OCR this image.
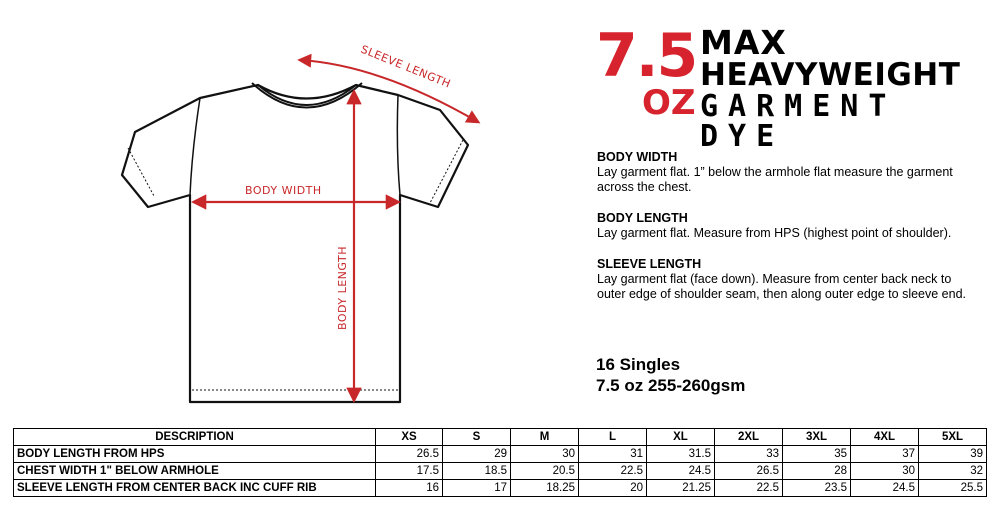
SLEEVE LENGTH
BODY WIDTH
BODY LENGTH
7.5
OZ
MAX
HEAVYWEIGHT
GARMENT DYE
BODY WIDTH
Lay garment flat. 1” below the armhole flat measure the garment across the chest.
BODY LENGTH
Lay garment flat. Measure from HPS (highest point of shoulder).
SLEEVE LENGTH
Lay garment flat (face down). Measure from center back neck to outer edge of shoulder seam, then along outer edge to sleeve end.
16 Singles
7.5 oz 255-260gsm
DESCRIPTION	XS	S	M	L	XL	2XL	3XL	4XL	5XL
BODY LENGTH FROM HPS	26.5	29	30	31	31.5	33	35	37	39
CHEST WIDTH 1" BELOW ARMHOLE	17.5	18.5	20.5	22.5	24.5	26.5	28	30	32
SLEEVE LENGTH FROM CENTER BACK INC CUFF RIB	16	17	18.25	20	21.25	22.5	23.5	24.5	25.5
